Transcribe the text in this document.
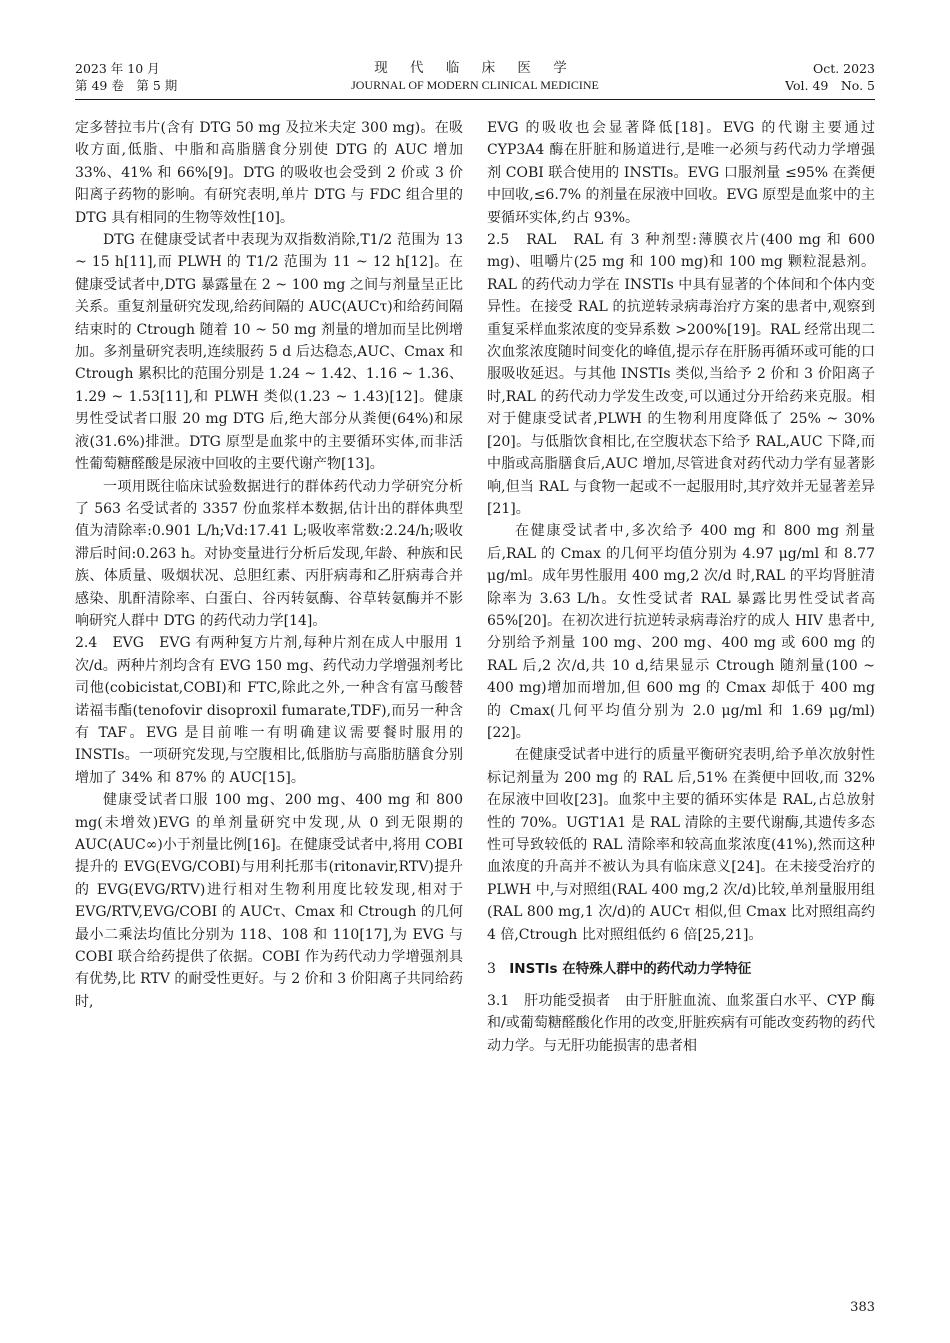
2023 年 10 月
第 49 卷　第 5 期
现 代 临 床 医 学
JOURNAL OF MODERN CLINICAL MEDICINE
Oct. 2023
Vol. 49　No. 5

定多替拉韦片(含有 DTG 50 mg 及拉米夫定 300 mg)。在吸收方面,低脂、中脂和高脂膳食分别使 DTG 的 AUC 增加 33%、41% 和 66%[9]。DTG 的吸收也会受到 2 价或 3 价阳离子药物的影响。有研究表明,单片 DTG 与 FDC 组合里的 DTG 具有相同的生物等效性[10]。

DTG 在健康受试者中表现为双指数消除,T1/2 范围为 13 ~ 15 h[11],而 PLWH 的 T1/2 范围为 11 ~ 12 h[12]。在健康受试者中,DTG 暴露量在 2 ~ 100 mg 之间与剂量呈正比关系。重复剂量研究发现,给药间隔的 AUC(AUCτ)和给药间隔结束时的 Ctrough 随着 10 ~ 50 mg 剂量的增加而呈比例增加。多剂量研究表明,连续服药 5 d 后达稳态,AUC、Cmax 和 Ctrough 累积比的范围分别是 1.24 ~ 1.42、1.16 ~ 1.36、1.29 ~ 1.53[11],和 PLWH 类似(1.23 ~ 1.43)[12]。健康男性受试者口服 20 mg DTG 后,绝大部分从粪便(64%)和尿液(31.6%)排泄。DTG 原型是血浆中的主要循环实体,而非活性葡萄糖醛酸是尿液中回收的主要代谢产物[13]。

一项用既往临床试验数据进行的群体药代动力学研究分析了 563 名受试者的 3357 份血浆样本数据,估计出的群体典型值为清除率:0.901 L/h;Vd:17.41 L;吸收率常数:2.24/h;吸收滞后时间:0.263 h。对协变量进行分析后发现,年龄、种族和民族、体质量、吸烟状况、总胆红素、丙肝病毒和乙肝病毒合并感染、肌酐清除率、白蛋白、谷丙转氨酶、谷草转氨酶并不影响研究人群中 DTG 的药代动力学[14]。

2.4　EVG　EVG 有两种复方片剂,每种片剂在成人中服用 1 次/d。两种片剂均含有 EVG 150 mg、药代动力学增强剂考比司他(cobicistat,COBI)和 FTC,除此之外,一种含有富马酸替诺福韦酯(tenofovir disoproxil fumarate,TDF),而另一种含有 TAF。EVG 是目前唯一有明确建议需要餐时服用的 INSTIs。一项研究发现,与空腹相比,低脂肪与高脂肪膳食分别增加了 34% 和 87% 的 AUC[15]。

健康受试者口服 100 mg、200 mg、400 mg 和 800 mg(未增效)EVG 的单剂量研究中发现,从 0 到无限期的 AUC(AUC∞)小于剂量比例[16]。在健康受试者中,将用 COBI 提升的 EVG(EVG/COBI)与用利托那韦(ritonavir,RTV)提升的 EVG(EVG/RTV)进行相对生物利用度比较发现,相对于 EVG/RTV,EVG/COBI 的 AUCτ、Cmax 和 Ctrough 的几何最小二乘法均值比分别为 118、108 和 110[17],为 EVG 与 COBI 联合给药提供了依据。COBI 作为药代动力学增强剂具有优势,比 RTV 的耐受性更好。与 2 价和 3 价阳离子共同给药时,

EVG 的吸收也会显著降低[18]。EVG 的代谢主要通过 CYP3A4 酶在肝脏和肠道进行,是唯一必须与药代动力学增强剂 COBI 联合使用的 INSTIs。EVG 口服剂量 ≤95% 在粪便中回收,≤6.7% 的剂量在尿液中回收。EVG 原型是血浆中的主要循环实体,约占 93%。

2.5　RAL　RAL 有 3 种剂型:薄膜衣片(400 mg 和 600 mg)、咀嚼片(25 mg 和 100 mg)和 100 mg 颗粒混悬剂。RAL 的药代动力学在 INSTIs 中具有显著的个体间和个体内变异性。在接受 RAL 的抗逆转录病毒治疗方案的患者中,观察到重复采样血浆浓度的变异系数 >200%[19]。RAL 经常出现二次血浆浓度随时间变化的峰值,提示存在肝肠再循环或可能的口服吸收延迟。与其他 INSTIs 类似,当给予 2 价和 3 价阳离子时,RAL 的药代动力学发生改变,可以通过分开给药来克服。相对于健康受试者,PLWH 的生物利用度降低了 25% ~ 30%[20]。与低脂饮食相比,在空腹状态下给予 RAL,AUC 下降,而中脂或高脂膳食后,AUC 增加,尽管进食对药代动力学有显著影响,但当 RAL 与食物一起或不一起服用时,其疗效并无显著差异[21]。

在健康受试者中,多次给予 400 mg 和 800 mg 剂量后,RAL 的 Cmax 的几何平均值分别为 4.97 μg/ml 和 8.77 μg/ml。成年男性服用 400 mg,2 次/d 时,RAL 的平均肾脏清除率为 3.63 L/h。女性受试者 RAL 暴露比男性受试者高 65%[20]。在初次进行抗逆转录病毒治疗的成人 HIV 患者中,分别给予剂量 100 mg、200 mg、400 mg 或 600 mg 的 RAL 后,2 次/d,共 10 d,结果显示 Ctrough 随剂量(100 ~ 400 mg)增加而增加,但 600 mg 的 Cmax 却低于 400 mg 的 Cmax(几何平均值分别为 2.0 μg/ml 和 1.69 μg/ml)[22]。

在健康受试者中进行的质量平衡研究表明,给予单次放射性标记剂量为 200 mg 的 RAL 后,51% 在粪便中回收,而 32% 在尿液中回收[23]。血浆中主要的循环实体是 RAL,占总放射性的 70%。UGT1A1 是 RAL 清除的主要代谢酶,其遗传多态性可导致较低的 RAL 清除率和较高血浆浓度(41%),然而这种血浓度的升高并不被认为具有临床意义[24]。在未接受治疗的 PLWH 中,与对照组(RAL 400 mg,2 次/d)比较,单剂量服用组(RAL 800 mg,1 次/d)的 AUCτ 相似,但 Cmax 比对照组高约 4 倍,Ctrough 比对照组低约 6 倍[25,21]。

3 INSTIs 在特殊人群中的药代动力学特征

3.1　肝功能受损者　由于肝脏血流、血浆蛋白水平、CYP 酶和/或葡萄糖醛酸化作用的改变,肝脏疾病有可能改变药物的药代动力学。与无肝功能损害的患者相

383
